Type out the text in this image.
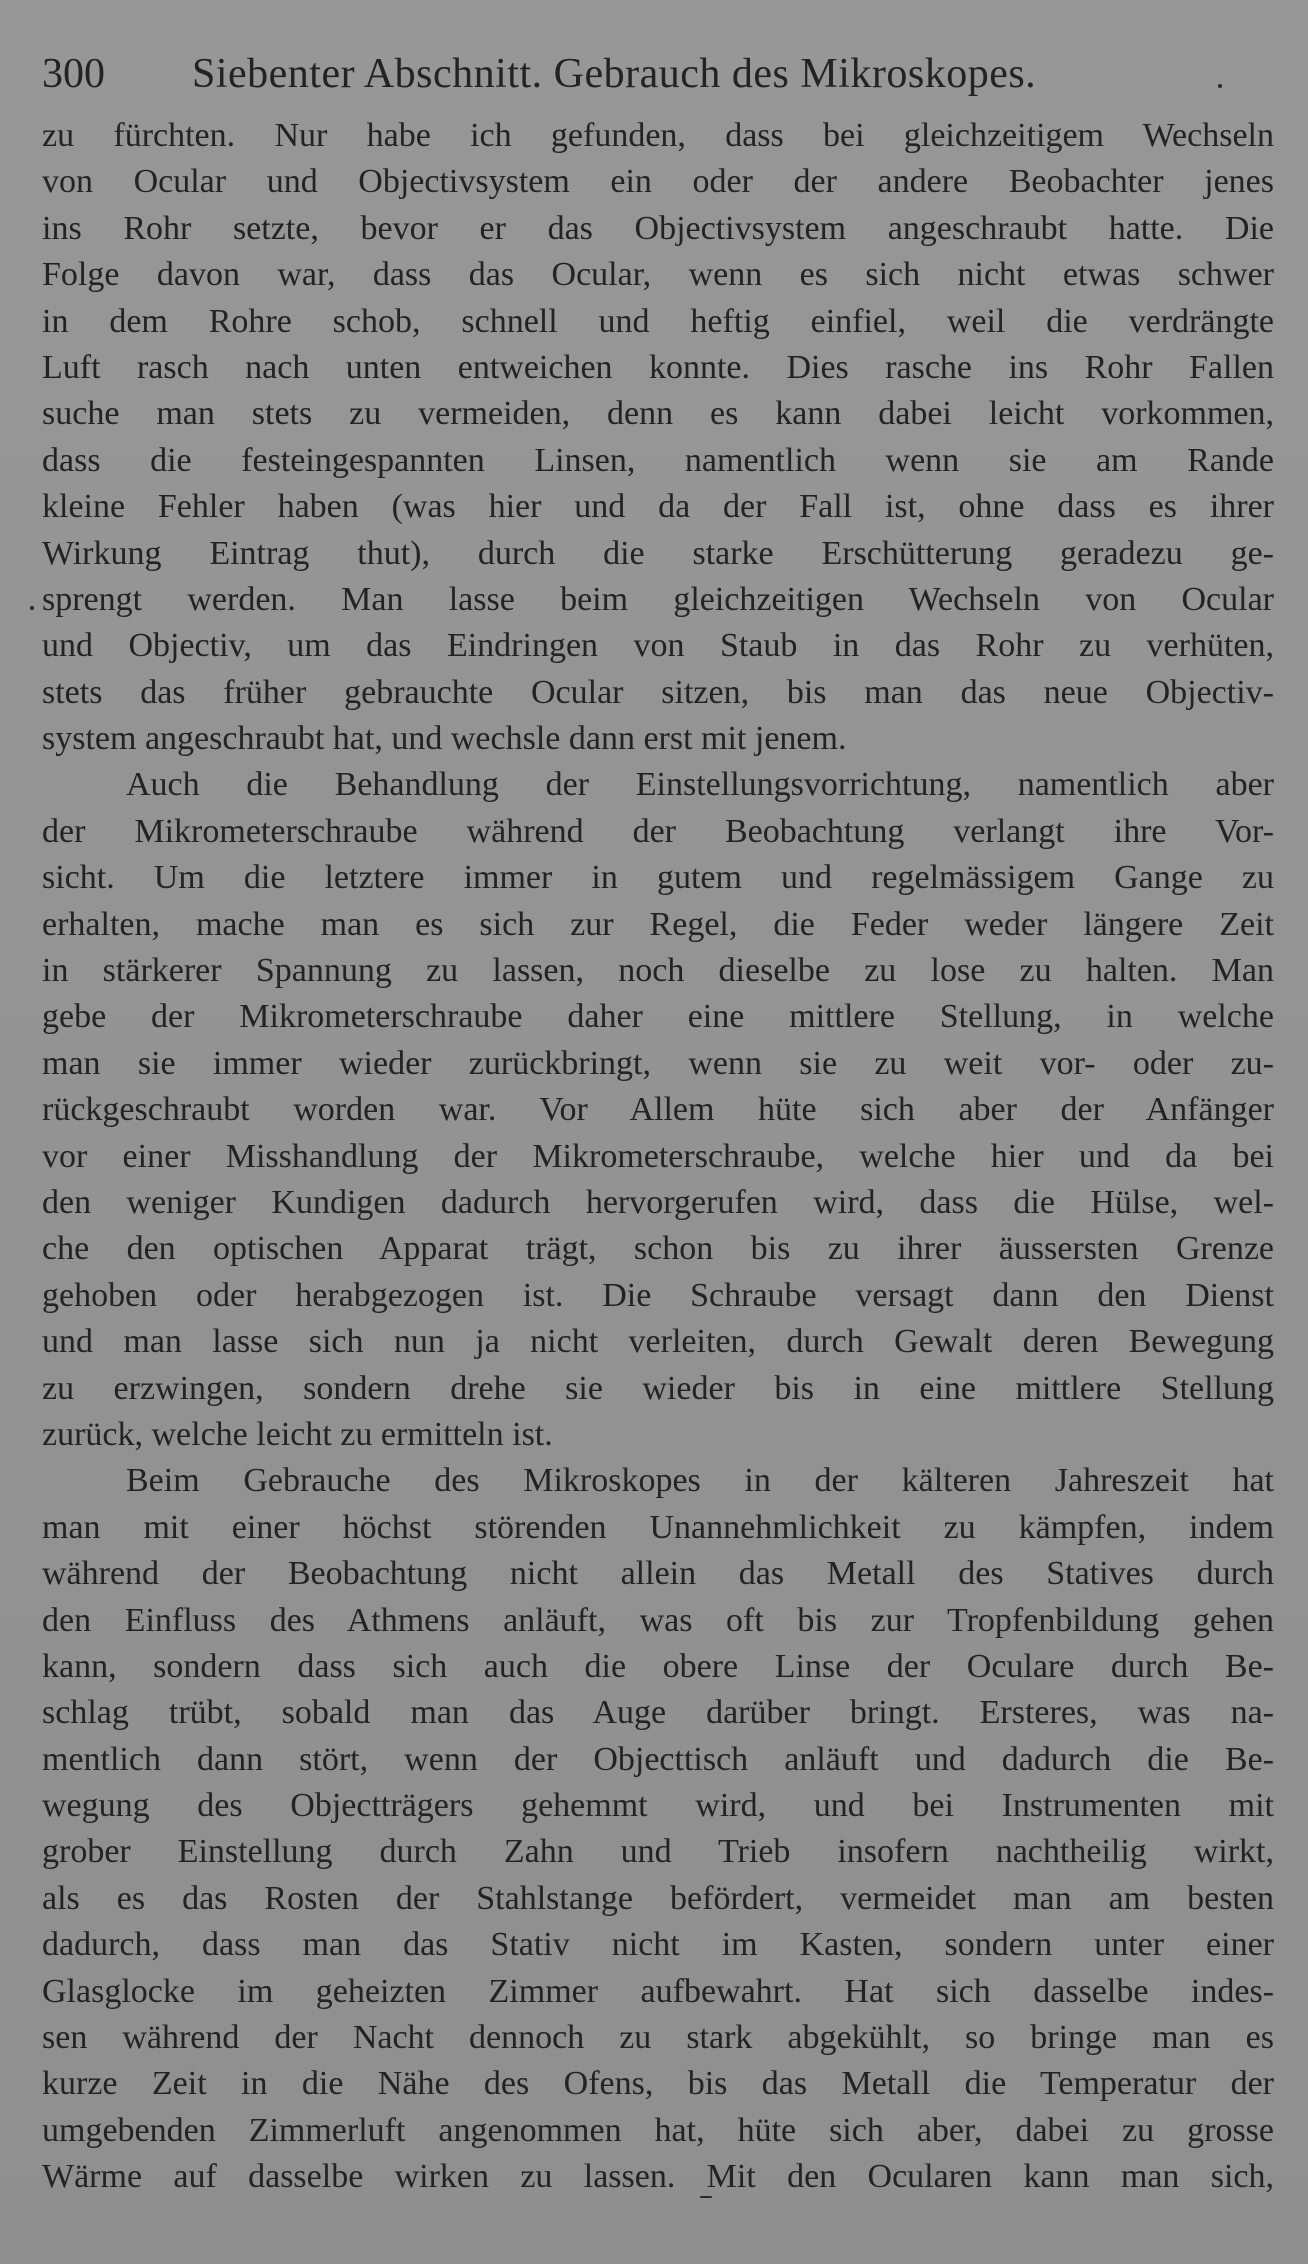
300 Siebenter Abschnitt. Gebrauch des Mikroskopes.
zu fürchten. Nur habe ich gefunden, dass bei gleichzeitigem Wechseln
von Ocular und Objectivsystem ein oder der andere Beobachter jenes
ins Rohr setzte, bevor er das Objectivsystem angeschraubt hatte. Die
Folge davon war, dass das Ocular, wenn es sich nicht etwas schwer
in dem Rohre schob, schnell und heftig einfiel, weil die verdrängte
Luft rasch nach unten entweichen konnte. Dies rasche ins Rohr Fallen
suche man stets zu vermeiden, denn es kann dabei leicht vorkommen,
dass die festeingespannten Linsen, namentlich wenn sie am Rande
kleine Fehler haben (was hier und da der Fall ist, ohne dass es ihrer
Wirkung Eintrag thut), durch die starke Erschütterung geradezu ge-
sprengt werden. Man lasse beim gleichzeitigen Wechseln von Ocular
und Objectiv, um das Eindringen von Staub in das Rohr zu verhüten,
stets das früher gebrauchte Ocular sitzen, bis man das neue Objectiv-
system angeschraubt hat, und wechsle dann erst mit jenem.
Auch die Behandlung der Einstellungsvorrichtung, namentlich aber
der Mikrometerschraube während der Beobachtung verlangt ihre Vor-
sicht. Um die letztere immer in gutem und regelmässigem Gange zu
erhalten, mache man es sich zur Regel, die Feder weder längere Zeit
in stärkerer Spannung zu lassen, noch dieselbe zu lose zu halten. Man
gebe der Mikrometerschraube daher eine mittlere Stellung, in welche
man sie immer wieder zurückbringt, wenn sie zu weit vor- oder zu-
rückgeschraubt worden war. Vor Allem hüte sich aber der Anfänger
vor einer Misshandlung der Mikrometerschraube, welche hier und da bei
den weniger Kundigen dadurch hervorgerufen wird, dass die Hülse, wel-
che den optischen Apparat trägt, schon bis zu ihrer äussersten Grenze
gehoben oder herabgezogen ist. Die Schraube versagt dann den Dienst
und man lasse sich nun ja nicht verleiten, durch Gewalt deren Bewegung
zu erzwingen, sondern drehe sie wieder bis in eine mittlere Stellung
zurück, welche leicht zu ermitteln ist.
Beim Gebrauche des Mikroskopes in der kälteren Jahreszeit hat
man mit einer höchst störenden Unannehmlichkeit zu kämpfen, indem
während der Beobachtung nicht allein das Metall des Statives durch
den Einfluss des Athmens anläuft, was oft bis zur Tropfenbildung gehen
kann, sondern dass sich auch die obere Linse der Oculare durch Be-
schlag trübt, sobald man das Auge darüber bringt. Ersteres, was na-
mentlich dann stört, wenn der Objecttisch anläuft und dadurch die Be-
wegung des Objectträgers gehemmt wird, und bei Instrumenten mit
grober Einstellung durch Zahn und Trieb insofern nachtheilig wirkt,
als es das Rosten der Stahlstange befördert, vermeidet man am besten
dadurch, dass man das Stativ nicht im Kasten, sondern unter einer
Glasglocke im geheizten Zimmer aufbewahrt. Hat sich dasselbe indes-
sen während der Nacht dennoch zu stark abgekühlt, so bringe man es
kurze Zeit in die Nähe des Ofens, bis das Metall die Temperatur der
umgebenden Zimmerluft angenommen hat, hüte sich aber, dabei zu grosse
Wärme auf dasselbe wirken zu lassen. Mit den Ocularen kann man sich,
